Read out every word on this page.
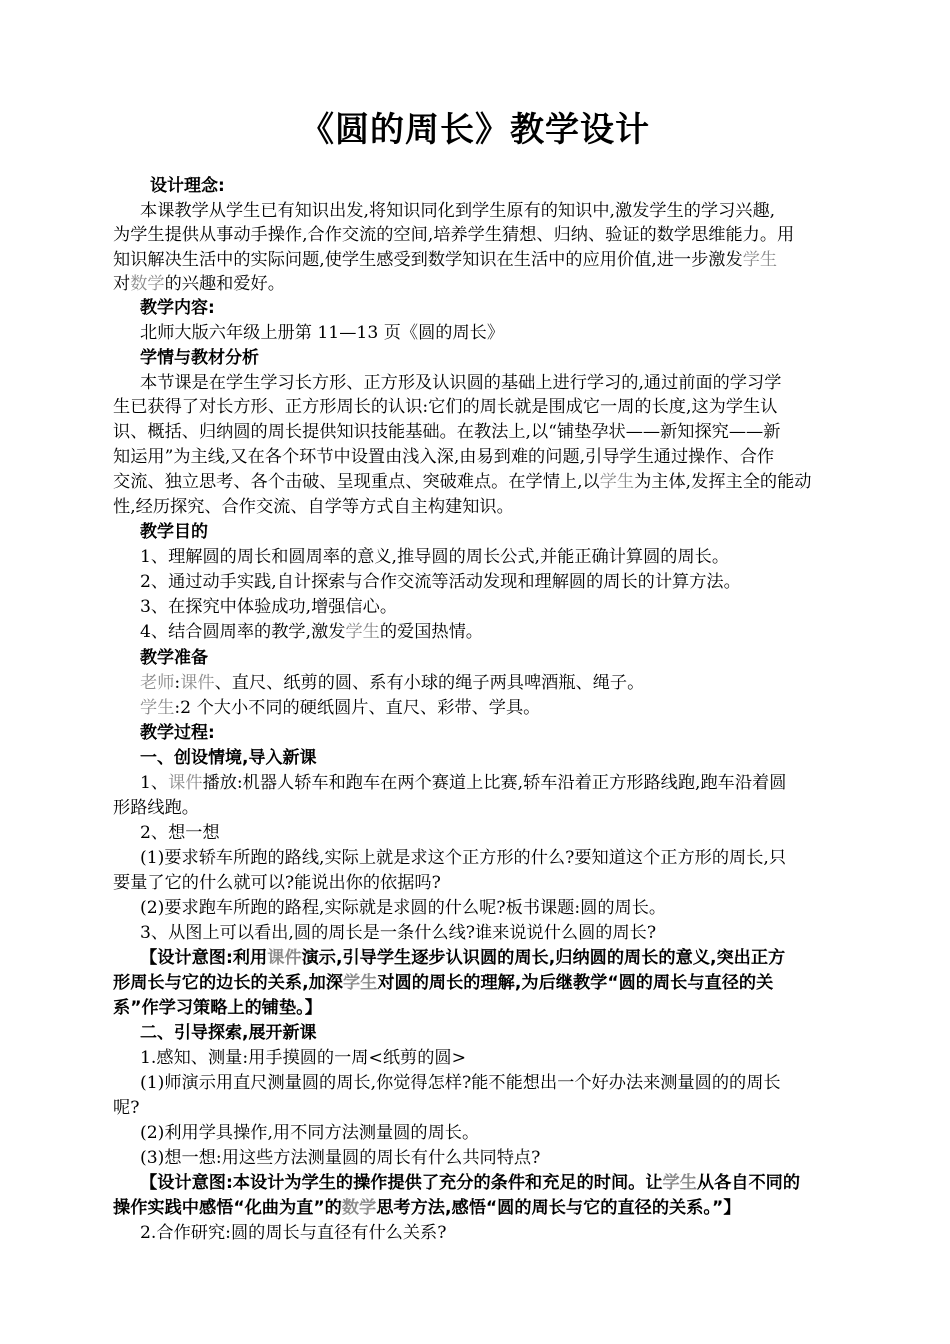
《圆的周长》教学设计
设计理念:
本课教学从学生已有知识出发,将知识同化到学生原有的知识中,激发学生的学习兴趣,
为学生提供从事动手操作,合作交流的空间,培养学生猜想、归纳、验证的数学思维能力。用
知识解决生活中的实际问题,使学生感受到数学知识在生活中的应用价值,进一步激发学生
对数学的兴趣和爱好。
教学内容:
北师大版六年级上册第 11—13 页《圆的周长》
学情与教材分析
本节课是在学生学习长方形、正方形及认识圆的基础上进行学习的,通过前面的学习学
生已获得了对长方形、正方形周长的认识:它们的周长就是围成它一周的长度,这为学生认
识、概括、归纳圆的周长提供知识技能基础。在教法上,以“铺垫孕状——新知探究——新
知运用”为主线,又在各个环节中设置由浅入深,由易到难的问题,引导学生通过操作、合作
交流、独立思考、各个击破、呈现重点、突破难点。在学情上,以学生为主体,发挥主全的能动
性,经历探究、合作交流、自学等方式自主构建知识。
教学目的
1、理解圆的周长和圆周率的意义,推导圆的周长公式,并能正确计算圆的周长。
2、通过动手实践,自计探索与合作交流等活动发现和理解圆的周长的计算方法。
3、在探究中体验成功,增强信心。
4、结合圆周率的教学,激发学生的爱国热情。
教学准备
老师:课件、直尺、纸剪的圆、系有小球的绳子两具啤酒瓶、绳子。
学生:2 个大小不同的硬纸圆片、直尺、彩带、学具。
教学过程:
一、创设情境,导入新课
1、课件播放:机器人轿车和跑车在两个赛道上比赛,轿车沿着正方形路线跑,跑车沿着圆
形路线跑。
2、想一想
(1)要求轿车所跑的路线,实际上就是求这个正方形的什么?要知道这个正方形的周长,只
要量了它的什么就可以?能说出你的依据吗?
(2)要求跑车所跑的路程,实际就是求圆的什么呢?板书课题:圆的周长。
3、从图上可以看出,圆的周长是一条什么线?谁来说说什么圆的周长?
【设计意图:利用课件演示,引导学生逐步认识圆的周长,归纳圆的周长的意义,突出正方
形周长与它的边长的关系,加深学生对圆的周长的理解,为后继教学“圆的周长与直径的关
系”作学习策略上的铺垫。】
二、引导探索,展开新课
1.感知、测量:用手摸圆的一周<纸剪的圆>
(1)师演示用直尺测量圆的周长,你觉得怎样?能不能想出一个好办法来测量圆的的周长
呢?
(2)利用学具操作,用不同方法测量圆的周长。
(3)想一想:用这些方法测量圆的周长有什么共同特点?
【设计意图:本设计为学生的操作提供了充分的条件和充足的时间。让学生从各自不同的
操作实践中感悟“化曲为直”的数学思考方法,感悟“圆的周长与它的直径的关系。”】
2.合作研究:圆的周长与直径有什么关系?
